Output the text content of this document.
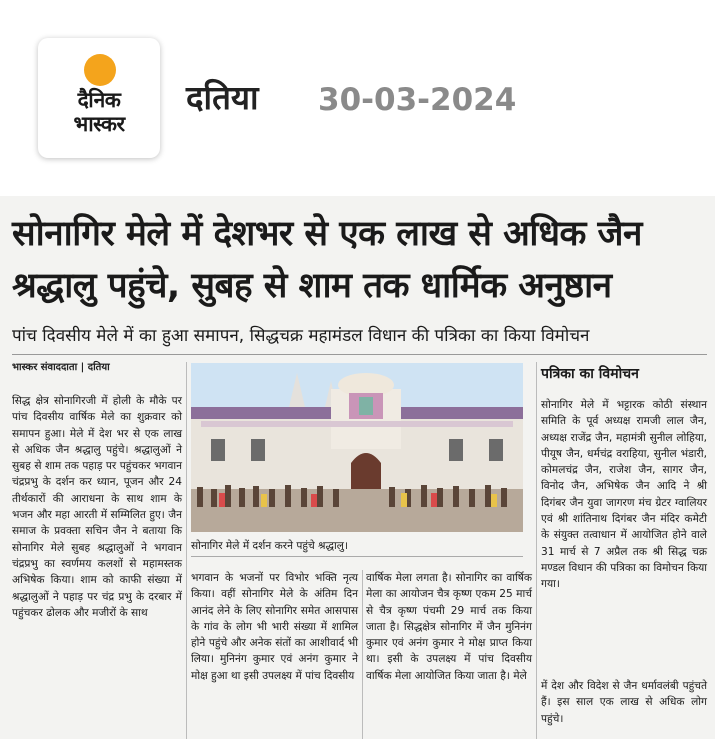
दैनिक
भास्कर
दतिया 30-03-2024
सोनागिर मेले में देशभर से एक लाख से अधिक जैन
श्रद्धालु पहुंचे, सुबह से शाम तक धार्मिक अनुष्ठान
पांच दिवसीय मेले में का हुआ समापन, सिद्धचक्र महामंडल विधान की पत्रिका का किया विमोचन
भास्कर संवाददाता | दतिया
सिद्ध क्षेत्र सोनागिरजी में होली के मौके पर पांच दिवसीय वार्षिक मेले का शुक्रवार को समापन हुआ। मेले में देश भर से एक लाख से अधिक जैन श्रद्धालु पहुंचे। श्रद्धालुओं ने सुबह से शाम तक पहाड़ पर पहुंचकर भगवान चंद्रप्रभु के दर्शन कर ध्यान, पूजन और 24 तीर्थकारों की आराधना के साथ शाम के भजन और महा आरती में सम्मिलित हुए। जैन समाज के प्रवक्ता सचिन जैन ने बताया कि सोनागिर मेले सुबह श्रद्धालुओं ने भगवान चंद्रप्रभु का स्वर्णमय कलशों से महामस्तक अभिषेक किया। शाम को काफी संख्या में श्रद्धालुओं ने पहाड़ पर चंद्र प्रभु के दरबार में पहुंचकर ढोलक और मजीरों के साथ
सोनागिर मेले में दर्शन करने पहुंचे श्रद्धालु।
भगवान के भजनों पर विभोर भक्ति नृत्य किया। वहीं सोनागिर मेले के अंतिम दिन आनंद लेने के लिए सोनागिर समेत आसपास के गांव के लोग भी भारी संख्या में शामिल होने पहुंचे और अनेक संतों का आशीवार्द भी लिया। मुनिनंग कुमार एवं अनंग कुमार ने मोक्ष हुआ था इसी उपलक्ष्य में पांच दिवसीय
वार्षिक मेला लगता है। सोनागिर का वार्षिक मेला का आयोजन चैत्र कृष्ण एकम 25 मार्च से चैत्र कृष्ण पंचमी 29 मार्च तक किया जाता है। सिद्धक्षेत्र सोनागिर में जैन मुनिनंग कुमार एवं अनंग कुमार ने मोक्ष प्राप्त किया था। इसी के उपलक्ष्य में पांच दिवसीय वार्षिक मेला आयोजित किया जाता है। मेले
पत्रिका का विमोचन
सोनागिर मेले में भट्टारक कोठी संस्थान समिति के पूर्व अध्यक्ष रामजी लाल जैन, अध्यक्ष राजेंद्र जैन, महामंत्री सुनील लोहिया, पीयूष जैन, धर्मचंद्र वराहिया, सुनील भंडारी, कोमलचंद्र जैन, राजेश जैन, सागर जैन, विनोद जैन, अभिषेक जैन आदि ने श्री दिगंबर जैन युवा जागरण मंच ग्रेटर ग्वालियर एवं श्री शांतिनाथ दिगंबर जैन मंदिर कमेटी के संयुक्त तत्वाधान में आयोजित होने वाले 31 मार्च से 7 अप्रैल तक श्री सिद्ध चक्र मण्डल विधान की पत्रिका का विमोचन किया गया।
में देश और विदेश से जैन धर्मावलंबी पहुंचते हैं। इस साल एक लाख से अधिक लोग पहुंचे।
